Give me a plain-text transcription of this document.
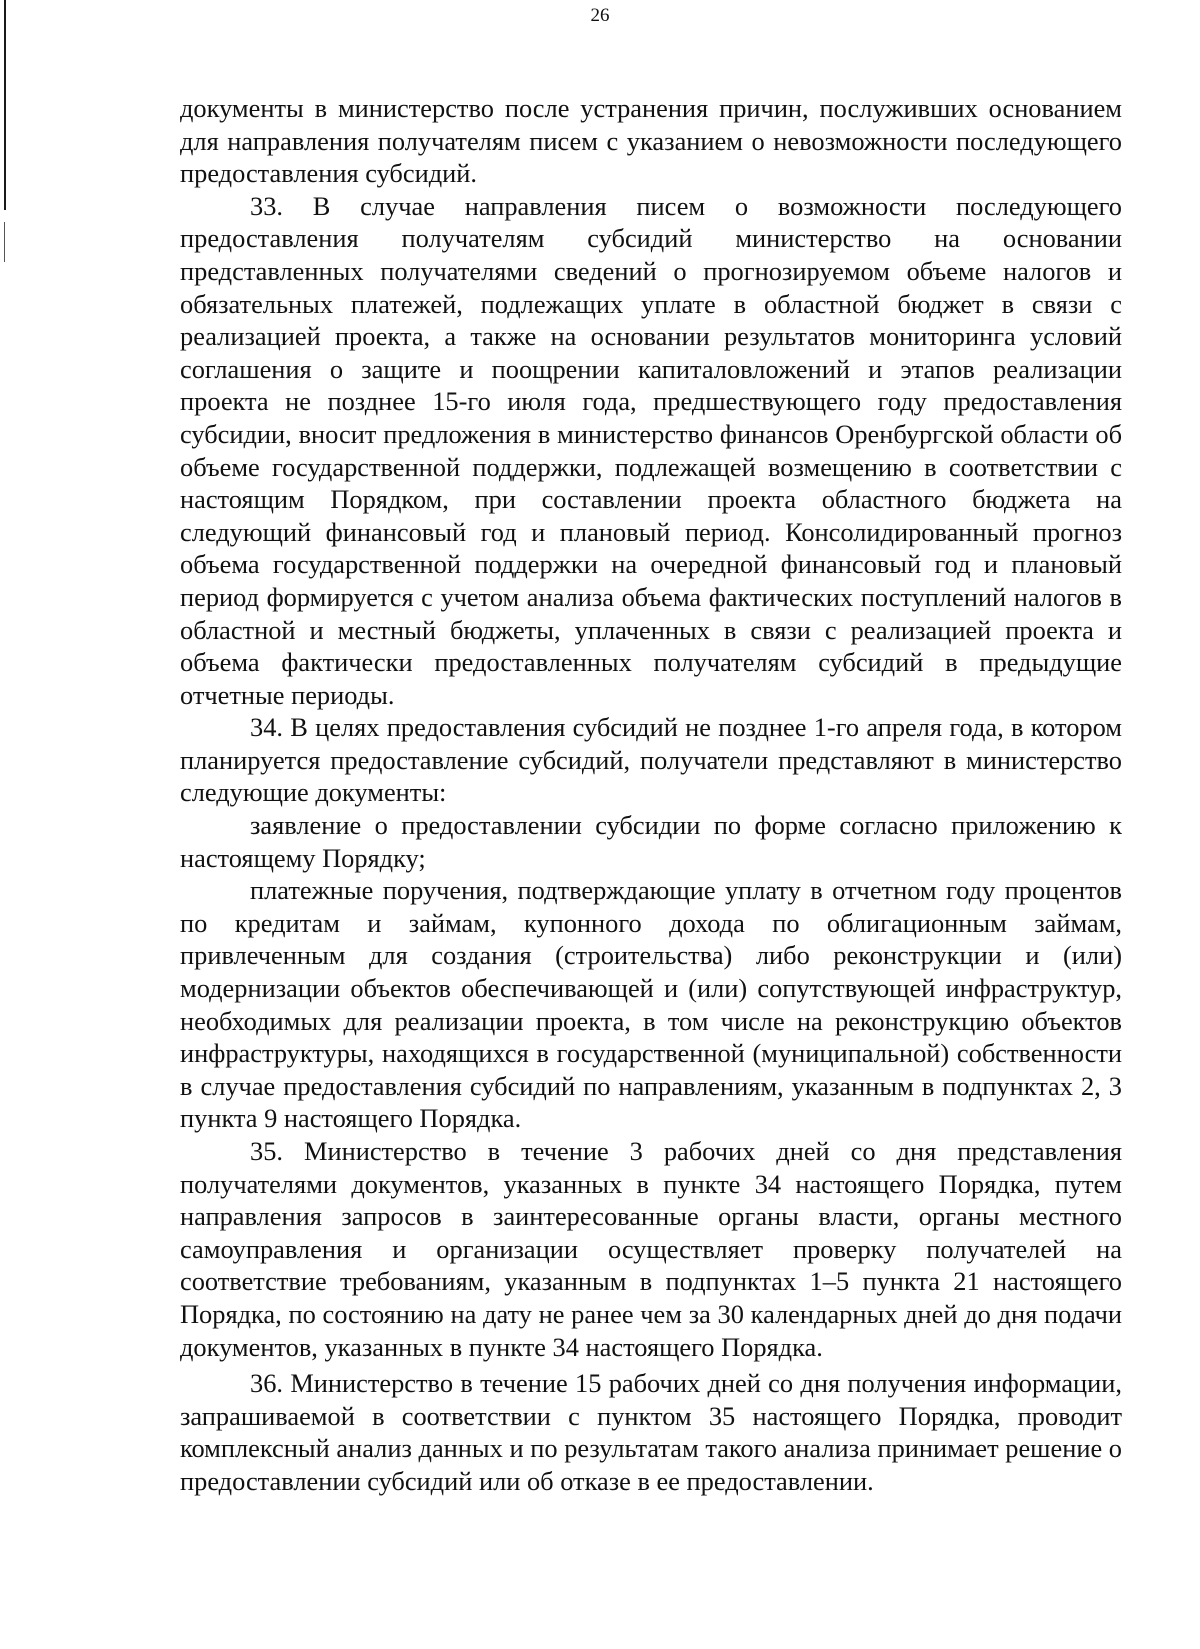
26

документы в министерство после устранения причин, послуживших основанием для направления получателям писем с указанием о невозможности последующего предоставления субсидий.

33. В случае направления писем о возможности последующего предоставления получателям субсидий министерство на основании представленных получателями сведений о прогнозируемом объеме налогов и обязательных платежей, подлежащих уплате в областной бюджет в связи с реализацией проекта, а также на основании результатов мониторинга условий соглашения о защите и поощрении капиталовложений и этапов реализации проекта не позднее 15-го июля года, предшествующего году предоставления субсидии, вносит предложения в министерство финансов Оренбургской области об объеме государственной поддержки, подлежащей возмещению в соответствии с настоящим Порядком, при составлении проекта областного бюджета на следующий финансовый год и плановый период. Консолидированный прогноз объема государственной поддержки на очередной финансовый год и плановый период формируется с учетом анализа объема фактических поступлений налогов в областной и местный бюджеты, уплаченных в связи с реализацией проекта и объема фактически предоставленных получателям субсидий в предыдущие отчетные периоды.

34. В целях предоставления субсидий не позднее 1-го апреля года, в котором планируется предоставление субсидий, получатели представляют в министерство следующие документы:

заявление о предоставлении субсидии по форме согласно приложению к настоящему Порядку;

платежные поручения, подтверждающие уплату в отчетном году процентов по кредитам и займам, купонного дохода по облигационным займам, привлеченным для создания (строительства) либо реконструкции и (или) модернизации объектов обеспечивающей и (или) сопутствующей инфраструктур, необходимых для реализации проекта, в том числе на реконструкцию объектов инфраструктуры, находящихся в государственной (муниципальной) собственности в случае предоставления субсидий по направлениям, указанным в подпунктах 2, 3 пункта 9 настоящего Порядка.

35. Министерство в течение 3 рабочих дней со дня представления получателями документов, указанных в пункте 34 настоящего Порядка, путем направления запросов в заинтересованные органы власти, органы местного самоуправления и организации осуществляет проверку получателей на соответствие требованиям, указанным в подпунктах 1–5 пункта 21 настоящего Порядка, по состоянию на дату не ранее чем за 30 календарных дней до дня подачи документов, указанных в пункте 34 настоящего Порядка.

36. Министерство в течение 15 рабочих дней со дня получения информации, запрашиваемой в соответствии с пунктом 35 настоящего Порядка, проводит комплексный анализ данных и по результатам такого анализа принимает решение о предоставлении субсидий или об отказе в ее предоставлении.
